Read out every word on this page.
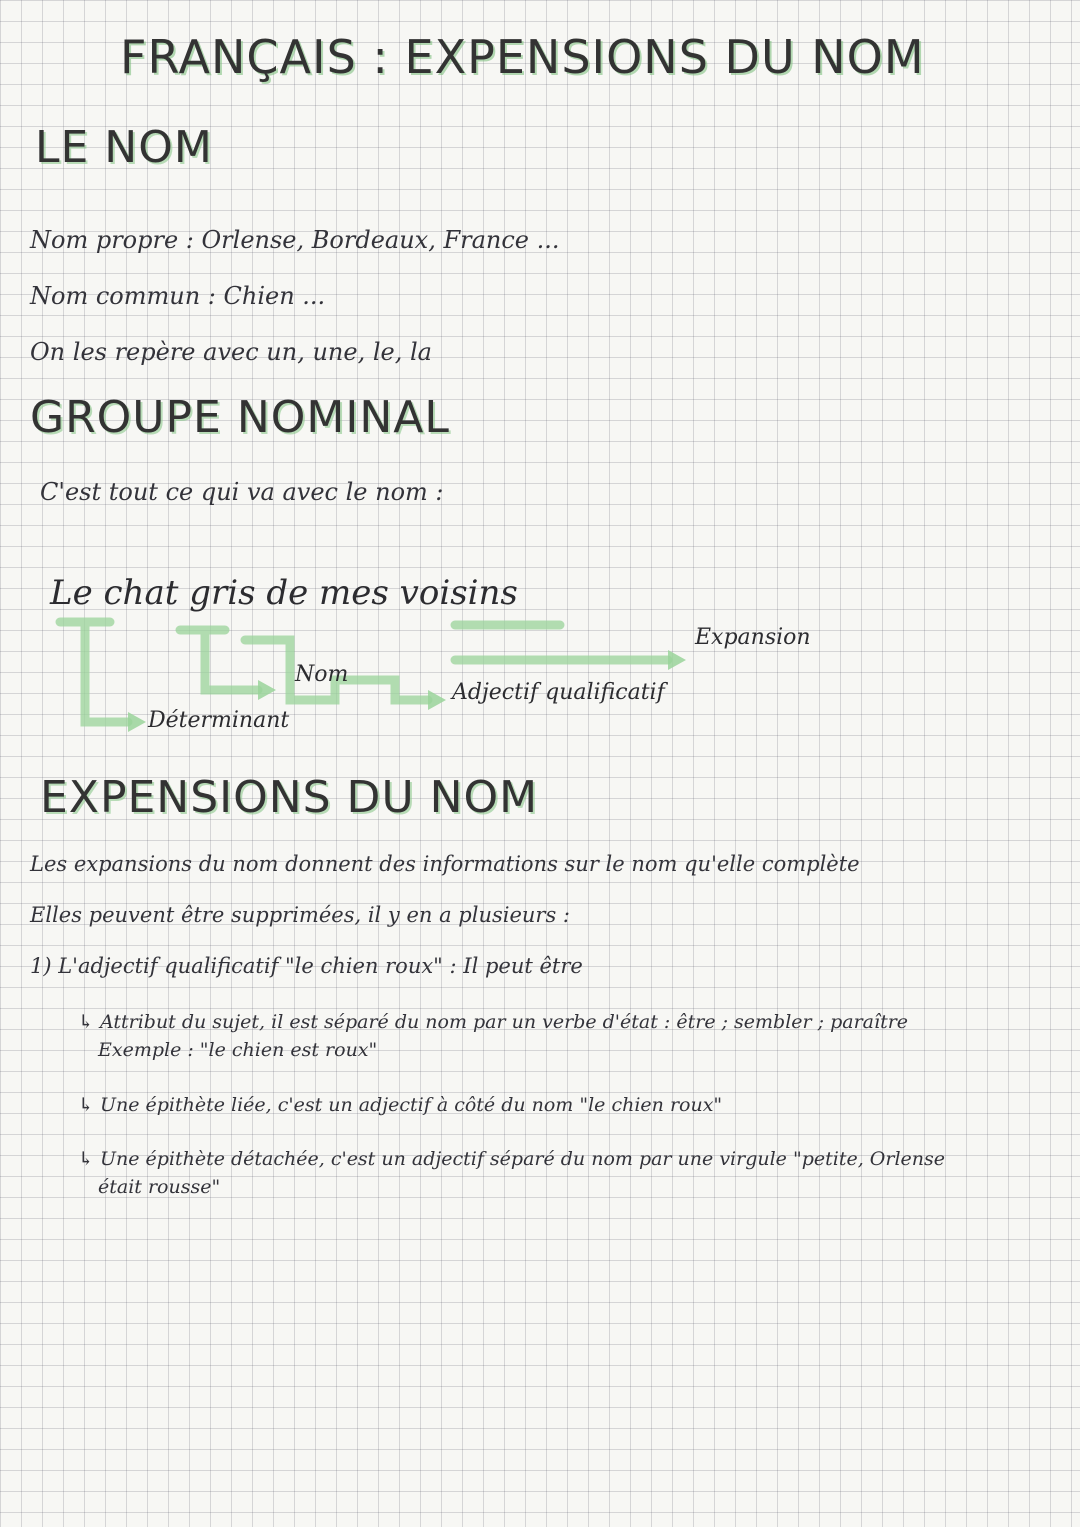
FRANÇAIS : EXPENSIONS DU NOM
LE NOM
Nom propre : Orlense, Bordeaux, France ...
Nom commun : Chien ...
On les repère avec un, une, le, la
GROUPE NOMINAL
C'est tout ce qui va avec le nom :
Le chat gris de mes voisins
Nom
Déterminant
Adjectif qualificatif
Expansion
EXPENSIONS DU NOM
Les expansions du nom donnent des informations sur le nom qu'elle complète
Elles peuvent être supprimées, il y en a plusieurs :
1) L'adjectif qualificatif "le chien roux" : Il peut être
↳ Attribut du sujet, il est séparé du nom par un verbe d'état : être ; sembler ; paraître
Exemple : "le chien est roux"
↳ Une épithète liée, c'est un adjectif à côté du nom "le chien roux"
↳ Une épithète détachée, c'est un adjectif séparé du nom par une virgule "petite, Orlense
était rousse"
